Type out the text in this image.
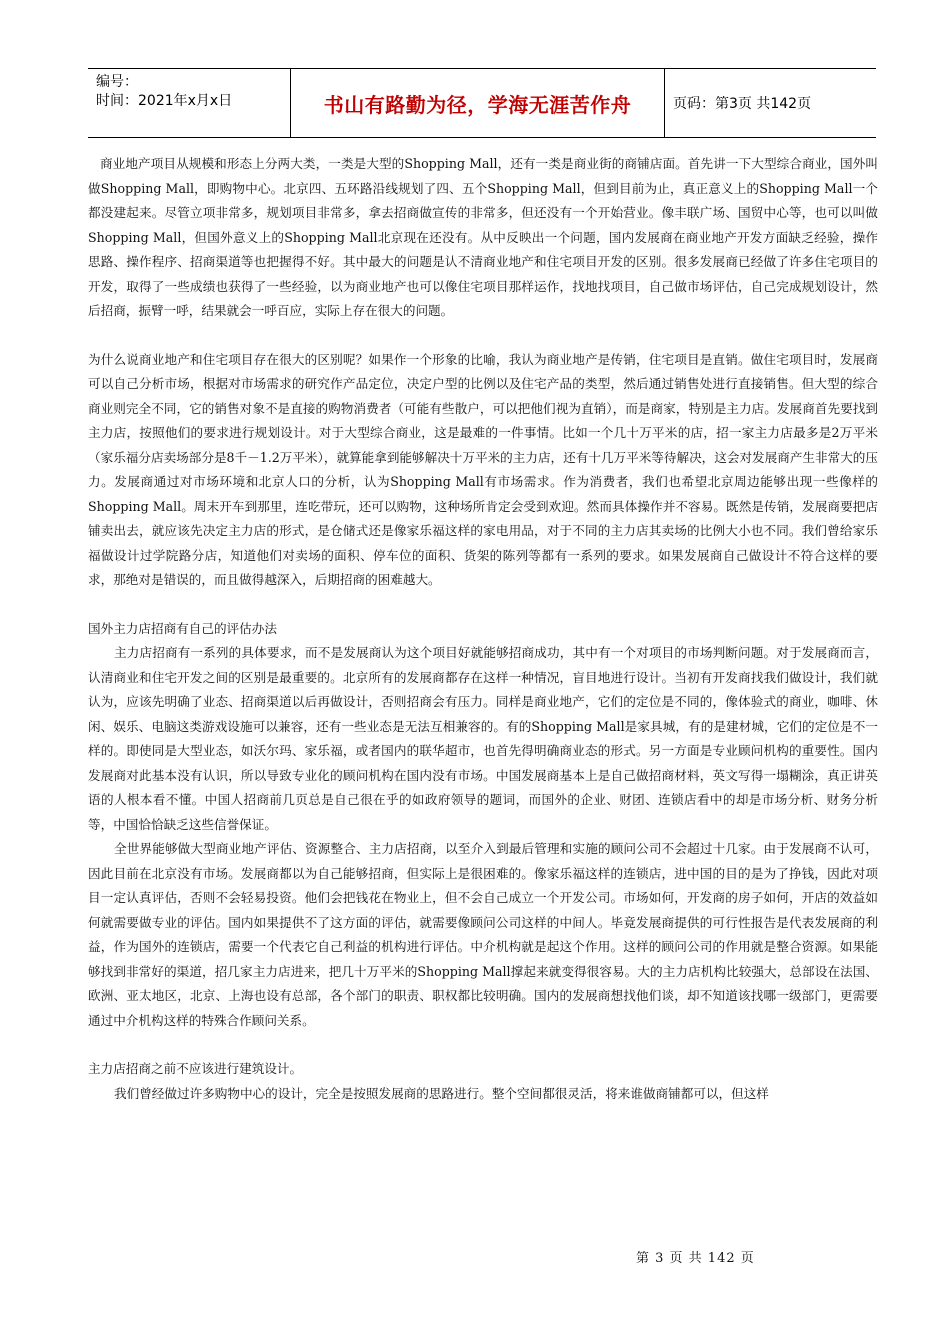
编号：
时间：2021年x月x日	书山有路勤为径，学海无涯苦作舟	页码：第3页 共142页

商业地产项目从规模和形态上分两大类，一类是大型的Shopping Mall，还有一类是商业街的商铺店面。首先讲一下大型综合商业，国外叫做Shopping Mall，即购物中心。北京四、五环路沿线规划了四、五个Shopping Mall，但到目前为止，真正意义上的Shopping Mall一个都没建起来。尽管立项非常多，规划项目非常多，拿去招商做宣传的非常多，但还没有一个开始营业。像丰联广场、国贸中心等，也可以叫做Shopping Mall，但国外意义上的Shopping Mall北京现在还没有。从中反映出一个问题，国内发展商在商业地产开发方面缺乏经验，操作思路、操作程序、招商渠道等也把握得不好。其中最大的问题是认不清商业地产和住宅项目开发的区别。很多发展商已经做了许多住宅项目的开发，取得了一些成绩也获得了一些经验，以为商业地产也可以像住宅项目那样运作，找地找项目，自己做市场评估，自己完成规划设计，然后招商，振臂一呼，结果就会一呼百应，实际上存在很大的问题。

为什么说商业地产和住宅项目存在很大的区别呢？如果作一个形象的比喻，我认为商业地产是传销，住宅项目是直销。做住宅项目时，发展商可以自己分析市场，根据对市场需求的研究作产品定位，决定户型的比例以及住宅产品的类型，然后通过销售处进行直接销售。但大型的综合商业则完全不同，它的销售对象不是直接的购物消费者（可能有些散户，可以把他们视为直销），而是商家，特别是主力店。发展商首先要找到主力店，按照他们的要求进行规划设计。对于大型综合商业，这是最难的一件事情。比如一个几十万平米的店，招一家主力店最多是2万平米（家乐福分店卖场部分是8千－1.2万平米），就算能拿到能够解决十万平米的主力店，还有十几万平米等待解决，这会对发展商产生非常大的压力。发展商通过对市场环境和北京人口的分析，认为Shopping Mall有市场需求。作为消费者，我们也希望北京周边能够出现一些像样的Shopping Mall。周末开车到那里，连吃带玩，还可以购物，这种场所肯定会受到欢迎。然而具体操作并不容易。既然是传销，发展商要把店铺卖出去，就应该先决定主力店的形式，是仓储式还是像家乐福这样的家电用品，对于不同的主力店其卖场的比例大小也不同。我们曾给家乐福做设计过学院路分店，知道他们对卖场的面积、停车位的面积、货架的陈列等都有一系列的要求。如果发展商自己做设计不符合这样的要求，那绝对是错误的，而且做得越深入，后期招商的困难越大。

国外主力店招商有自己的评估办法

主力店招商有一系列的具体要求，而不是发展商认为这个项目好就能够招商成功，其中有一个对项目的市场判断问题。对于发展商而言，认清商业和住宅开发之间的区别是最重要的。北京所有的发展商都存在这样一种情况，盲目地进行设计。当初有开发商找我们做设计，我们就认为，应该先明确了业态、招商渠道以后再做设计，否则招商会有压力。同样是商业地产，它们的定位是不同的，像体验式的商业，咖啡、休闲、娱乐、电脑这类游戏设施可以兼容，还有一些业态是无法互相兼容的。有的Shopping Mall是家具城，有的是建材城，它们的定位是不一样的。即使同是大型业态，如沃尔玛、家乐福，或者国内的联华超市，也首先得明确商业态的形式。另一方面是专业顾问机构的重要性。国内发展商对此基本没有认识，所以导致专业化的顾问机构在国内没有市场。中国发展商基本上是自己做招商材料，英文写得一塌糊涂，真正讲英语的人根本看不懂。中国人招商前几页总是自己很在乎的如政府领导的题词，而国外的企业、财团、连锁店看中的却是市场分析、财务分析等，中国恰恰缺乏这些信誉保证。

全世界能够做大型商业地产评估、资源整合、主力店招商，以至介入到最后管理和实施的顾问公司不会超过十几家。由于发展商不认可，因此目前在北京没有市场。发展商都以为自己能够招商，但实际上是很困难的。像家乐福这样的连锁店，进中国的目的是为了挣钱，因此对项目一定认真评估，否则不会轻易投资。他们会把钱花在物业上，但不会自己成立一个开发公司。市场如何，开发商的房子如何，开店的效益如何就需要做专业的评估。国内如果提供不了这方面的评估，就需要像顾问公司这样的中间人。毕竟发展商提供的可行性报告是代表发展商的利益，作为国外的连锁店，需要一个代表它自己利益的机构进行评估。中介机构就是起这个作用。这样的顾问公司的作用就是整合资源。如果能够找到非常好的渠道，招几家主力店进来，把几十万平米的Shopping Mall撑起来就变得很容易。大的主力店机构比较强大，总部设在法国、欧洲、亚太地区，北京、上海也设有总部，各个部门的职责、职权都比较明确。国内的发展商想找他们谈，却不知道该找哪一级部门，更需要通过中介机构这样的特殊合作顾问关系。

主力店招商之前不应该进行建筑设计。

我们曾经做过许多购物中心的设计，完全是按照发展商的思路进行。整个空间都很灵活，将来谁做商铺都可以，但这样

第 3 页 共 142 页
